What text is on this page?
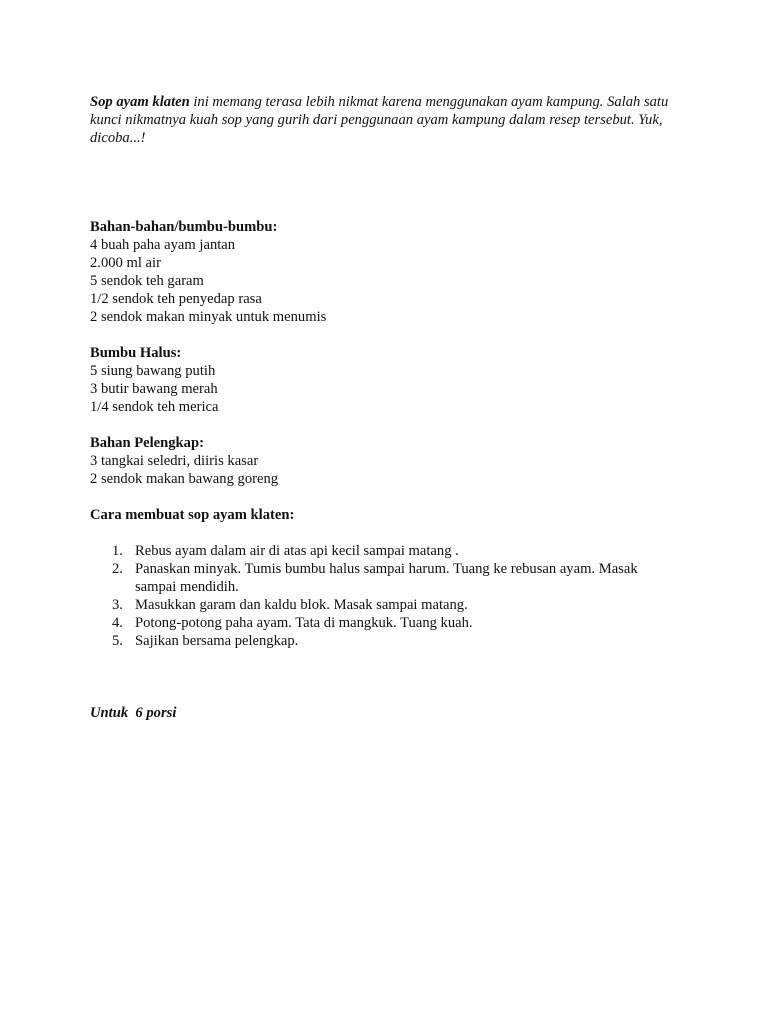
Sop ayam klaten ini memang terasa lebih nikmat karena menggunakan ayam kampung. Salah satu kunci nikmatnya kuah sop yang gurih dari penggunaan ayam kampung dalam resep tersebut. Yuk, dicoba...!

Bahan-bahan/bumbu-bumbu:

4 buah paha ayam jantan

2.000 ml air

5 sendok teh garam

1/2 sendok teh penyedap rasa

2 sendok makan minyak untuk menumis

Bumbu Halus:

5 siung bawang putih

3 butir bawang merah

1/4 sendok teh merica

Bahan Pelengkap:

3 tangkai seledri, diiris kasar

2 sendok makan bawang goreng

Cara membuat sop ayam klaten:

1. Rebus ayam dalam air di atas api kecil sampai matang .
2. Panaskan minyak. Tumis bumbu halus sampai harum. Tuang ke rebusan ayam. Masak sampai mendidih.
3. Masukkan garam dan kaldu blok. Masak sampai matang.
4. Potong-potong paha ayam. Tata di mangkuk. Tuang kuah.
5. Sajikan bersama pelengkap.

Untuk  6 porsi
